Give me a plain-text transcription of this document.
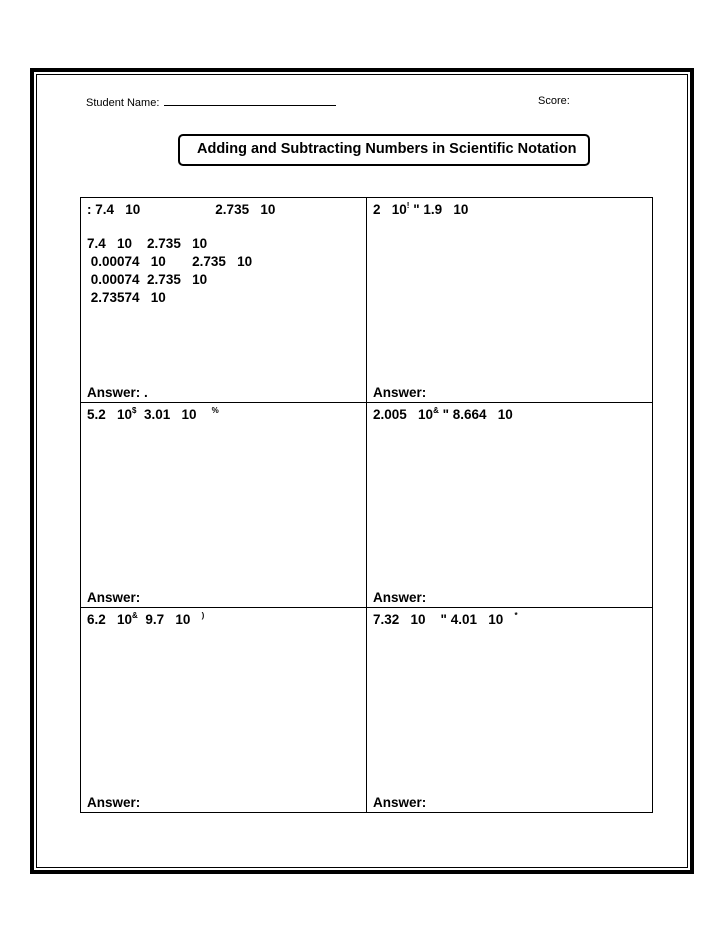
Student Name:	Score:
Adding and Subtracting Numbers in Scientific Notation
: 7.4   10                    2.735   10
7.4   10    2.735   10
0.00074   10       2.735   10
0.00074  2.735   10
2.73574   10
Answer: .
2   10! " 1.9   10
Answer:
5.2   10$  3.01   10 %
Answer:
2.005   10& " 8.664   10
Answer:
6.2   10&  9.7   10 )
Answer:
7.32   10    " 4.01   10 *
Answer:
